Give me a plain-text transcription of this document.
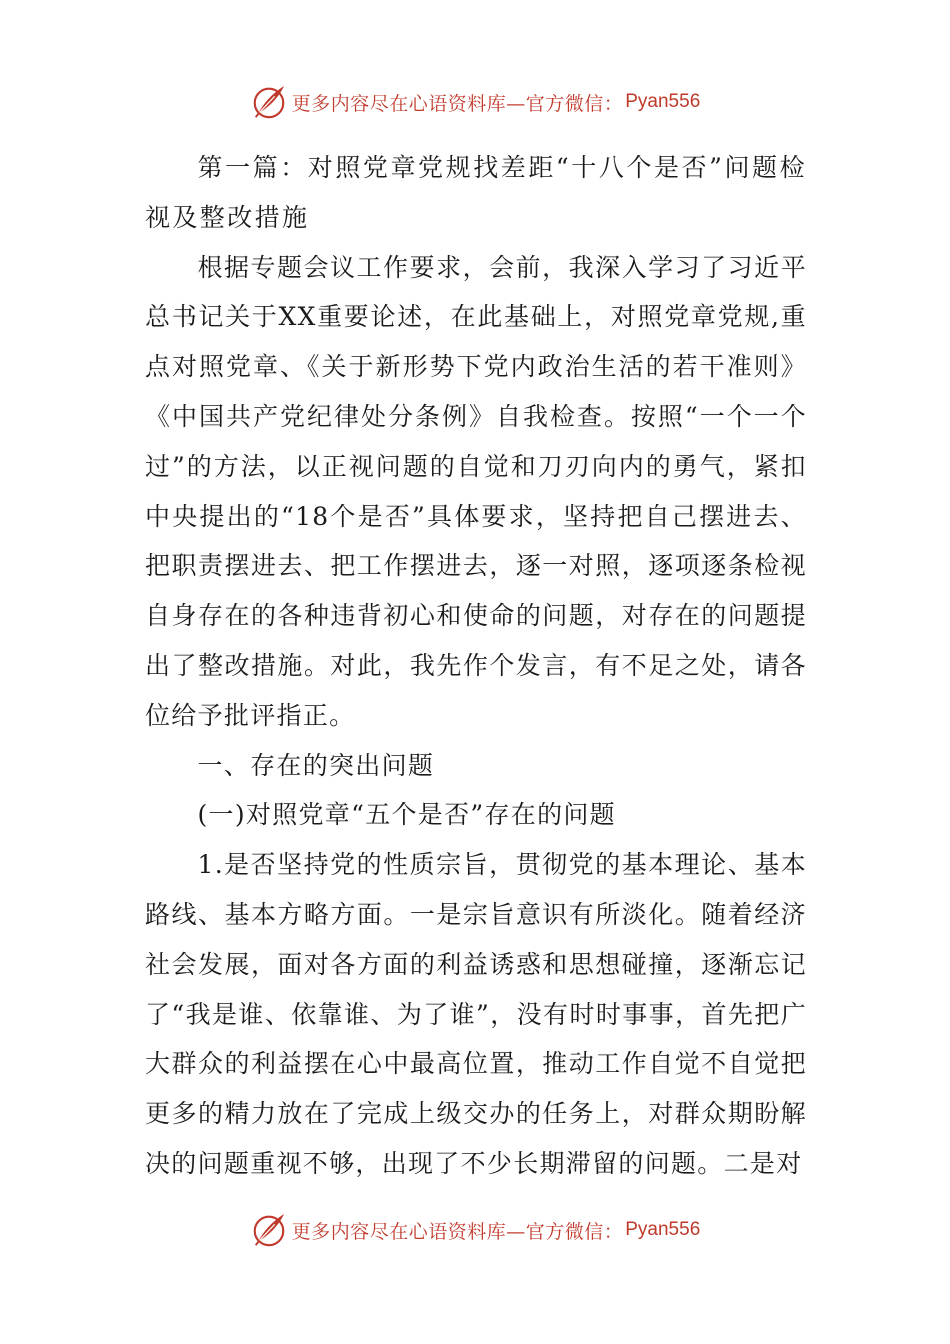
更多内容尽在心语资料库—官方微信： Pyan556

第一篇：对照党章党规找差距“十八个是否”问题检视及整改措施

根据专题会议工作要求，会前，我深入学习了习近平总书记关于XX重要论述，在此基础上，对照党章党规,重点对照党章、《关于新形势下党内政治生活的若干准则》《中国共产党纪律处分条例》自我检查。按照“一个一个过”的方法，以正视问题的自觉和刀刃向内的勇气，紧扣中央提出的“18个是否”具体要求，坚持把自己摆进去、把职责摆进去、把工作摆进去，逐一对照，逐项逐条检视自身存在的各种违背初心和使命的问题，对存在的问题提出了整改措施。对此，我先作个发言，有不足之处，请各位给予批评指正。

一、存在的突出问题

(一)对照党章“五个是否”存在的问题

1.是否坚持党的性质宗旨，贯彻党的基本理论、基本路线、基本方略方面。一是宗旨意识有所淡化。随着经济社会发展，面对各方面的利益诱惑和思想碰撞，逐渐忘记了“我是谁、依靠谁、为了谁”，没有时时事事，首先把广大群众的利益摆在心中最高位置，推动工作自觉不自觉把更多的精力放在了完成上级交办的任务上，对群众期盼解决的问题重视不够，出现了不少长期滞留的问题。二是对

更多内容尽在心语资料库—官方微信： Pyan556
